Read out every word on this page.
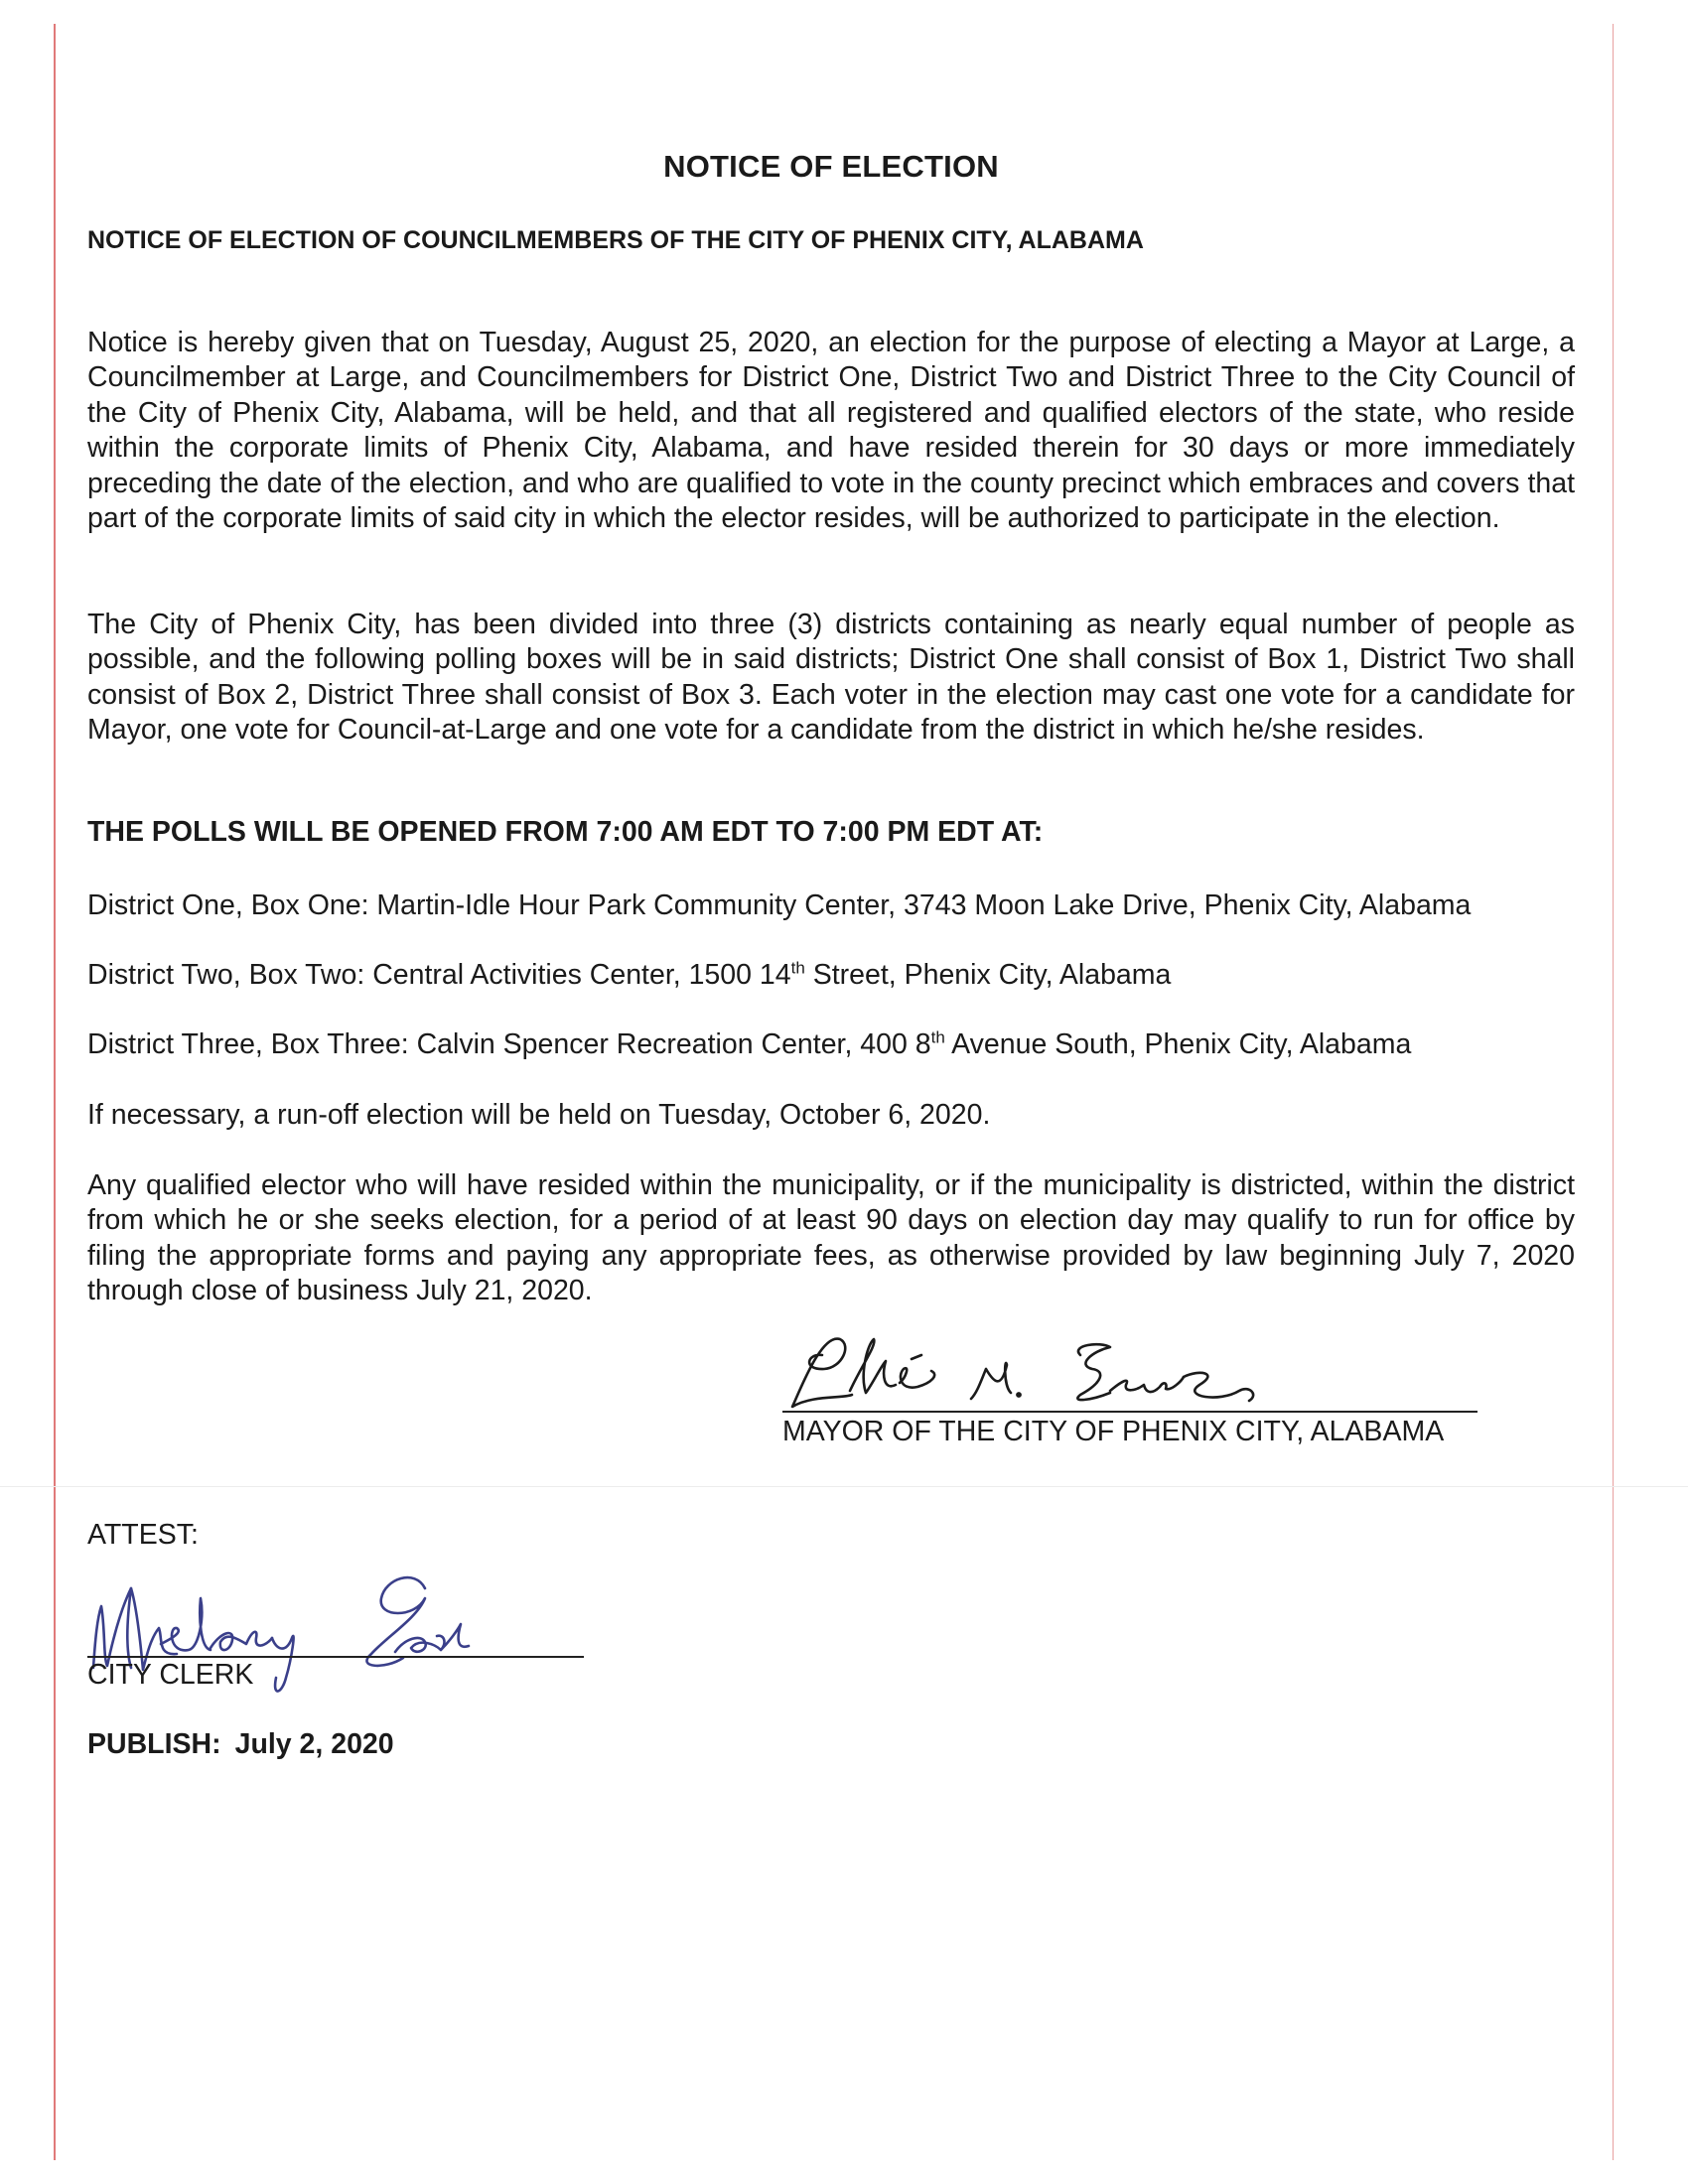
NOTICE OF ELECTION
NOTICE OF ELECTION OF COUNCILMEMBERS OF THE CITY OF PHENIX CITY, ALABAMA

Notice is hereby given that on Tuesday, August 25, 2020, an election for the purpose of electing a Mayor at Large, a Councilmember at Large, and Councilmembers for District One, District Two and District Three to the City Council of the City of Phenix City, Alabama, will be held, and that all registered and qualified electors of the state, who reside within the corporate limits of Phenix City, Alabama, and have resided therein for 30 days or more immediately preceding the date of the election, and who are qualified to vote in the county precinct which embraces and covers that part of the corporate limits of said city in which the elector resides, will be authorized to participate in the election.

The City of Phenix City, has been divided into three (3) districts containing as nearly equal number of people as possible, and the following polling boxes will be in said districts; District One shall consist of Box 1, District Two shall consist of Box 2, District Three shall consist of Box 3. Each voter in the election may cast one vote for a candidate for Mayor, one vote for Council-at-Large and one vote for a candidate from the district in which he/she resides.

THE POLLS WILL BE OPENED FROM 7:00 AM EDT TO 7:00 PM EDT AT:
District One, Box One: Martin-Idle Hour Park Community Center, 3743 Moon Lake Drive, Phenix City, Alabama
District Two, Box Two: Central Activities Center, 1500 14th Street, Phenix City, Alabama
District Three, Box Three: Calvin Spencer Recreation Center, 400 8th Avenue South, Phenix City, Alabama
If necessary, a run-off election will be held on Tuesday, October 6, 2020.

Any qualified elector who will have resided within the municipality, or if the municipality is districted, within the district from which he or she seeks election, for a period of at least 90 days on election day may qualify to run for office by filing the appropriate forms and paying any appropriate fees, as otherwise provided by law beginning July 7, 2020 through close of business July 21, 2020.

MAYOR OF THE CITY OF PHENIX CITY, ALABAMA
ATTEST:
CITY CLERK
PUBLISH: July 2, 2020
